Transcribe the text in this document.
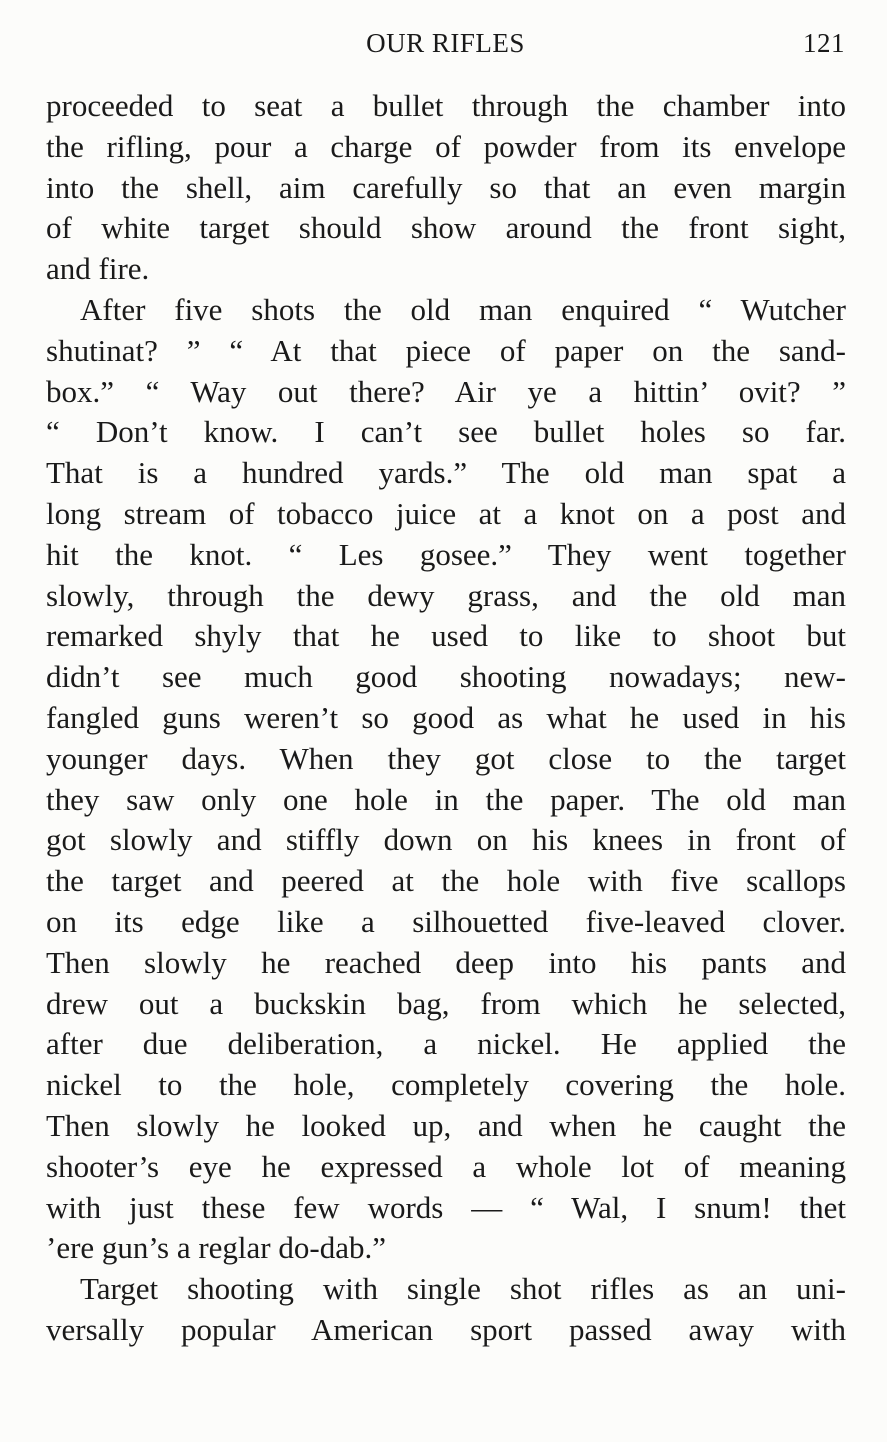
OUR RIFLES	121

proceeded to seat a bullet through the chamber into
the rifling, pour a charge of powder from its envelope
into the shell, aim carefully so that an even margin
of white target should show around the front sight,
and fire.

After five shots the old man enquired “ Wutcher
shutinat? ” “ At that piece of paper on the sand-
box.” “ Way out there? Air ye a hittin’ ovit? ”
“ Don’t know. I can’t see bullet holes so far.
That is a hundred yards.” The old man spat a
long stream of tobacco juice at a knot on a post and
hit the knot. “ Les gosee.” They went together
slowly, through the dewy grass, and the old man
remarked shyly that he used to like to shoot but
didn’t see much good shooting nowadays; new-
fangled guns weren’t so good as what he used in his
younger days. When they got close to the target
they saw only one hole in the paper. The old man
got slowly and stiffly down on his knees in front of
the target and peered at the hole with five scallops
on its edge like a silhouetted five-leaved clover.
Then slowly he reached deep into his pants and
drew out a buckskin bag, from which he selected,
after due deliberation, a nickel. He applied the
nickel to the hole, completely covering the hole.
Then slowly he looked up, and when he caught the
shooter’s eye he expressed a whole lot of meaning
with just these few words — “ Wal, I snum! thet
’ere gun’s a reglar do-dab.”

Target shooting with single shot rifles as an uni-
versally popular American sport passed away with
